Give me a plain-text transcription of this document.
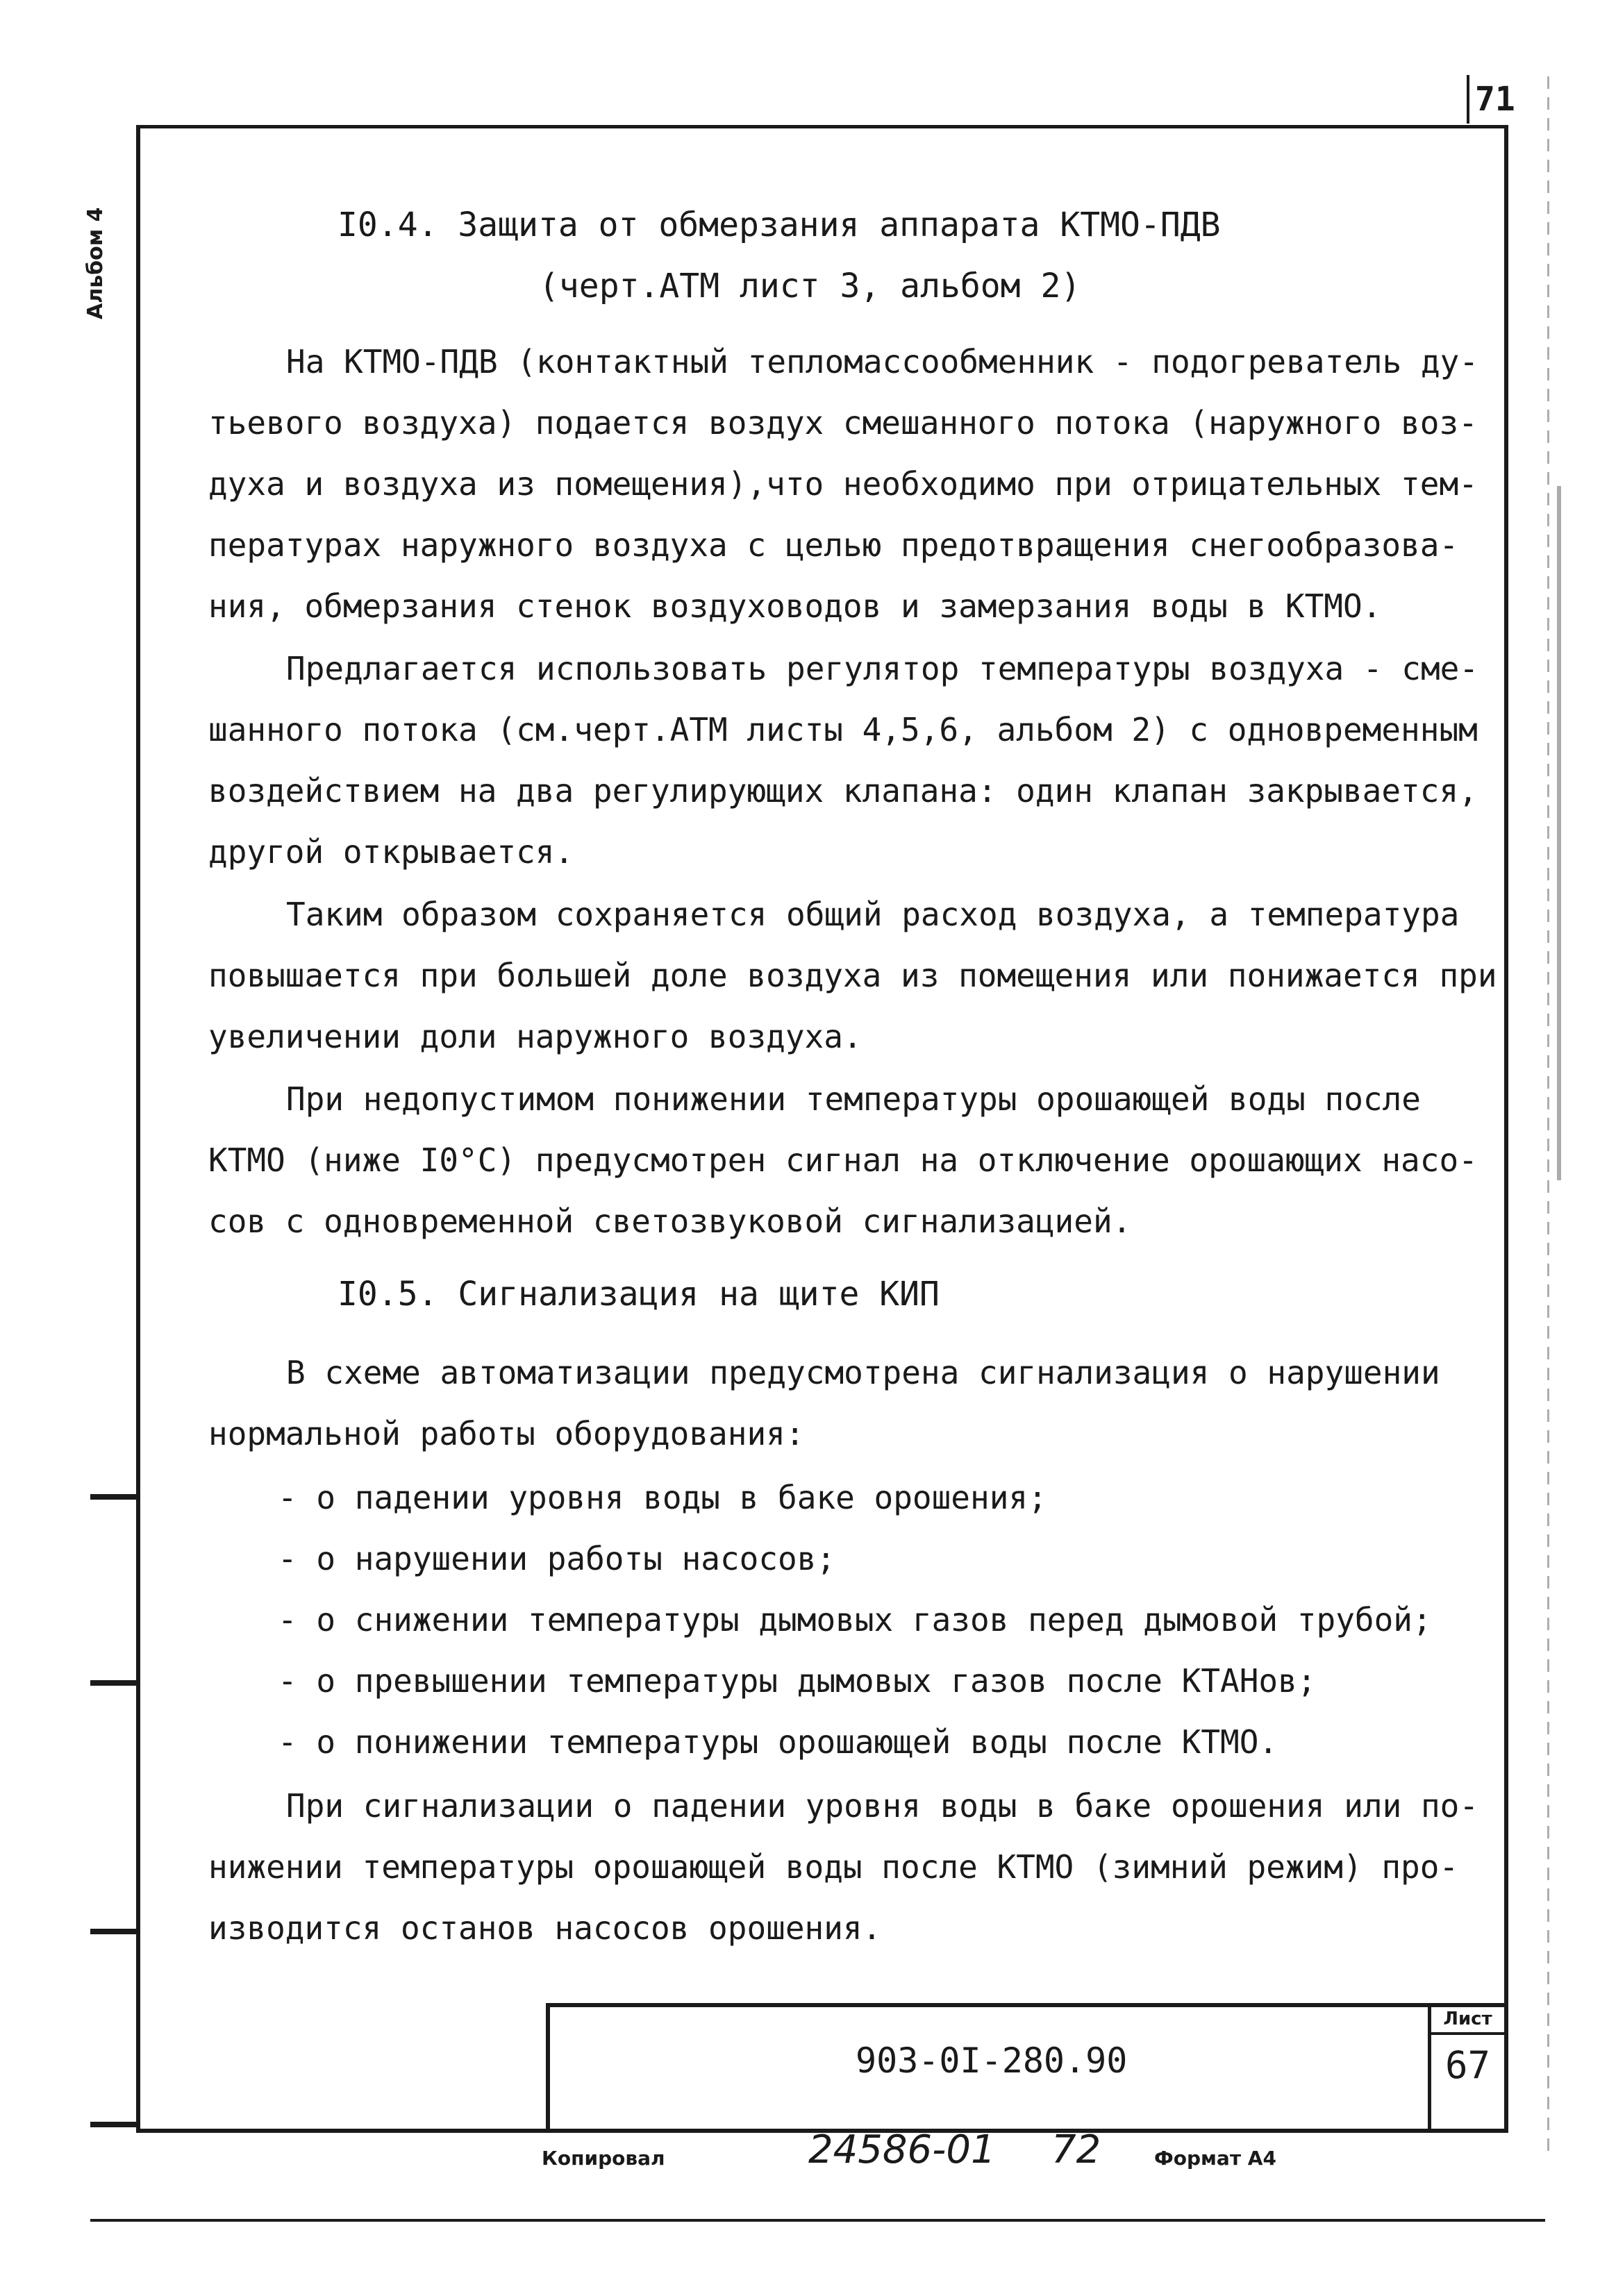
71
Альбом 4	I0.4. Защита от обмерзания аппарата КТМО-ПДВ
(черт.АТМ лист 3, альбом 2)
На КТМО-ПДВ (контактный тепломассообменник - подогреватель ду-
тьевого воздуха) подается воздух смешанного потока (наружного воз-
духа и воздуха из помещения),что необходимо при отрицательных тем-
пературах наружного воздуха с целью предотвращения снегообразова-
ния, обмерзания стенок воздуховодов и замерзания воды в КТМО.
Предлагается использовать регулятор температуры воздуха - сме-
шанного потока (см.черт.АТМ листы 4,5,6, альбом 2) с одновременным
воздействием на два регулирующих клапана: один клапан закрывается,
другой открывается.
Таким образом сохраняется общий расход воздуха, а температура
повышается при большей доле воздуха из помещения или понижается при
увеличении доли наружного воздуха.
При недопустимом понижении температуры орошающей воды после
КТМО (ниже I0°С) предусмотрен сигнал на отключение орошающих насо-
сов с одновременной светозвуковой сигнализацией.
I0.5. Сигнализация на щите КИП
В схеме автоматизации предусмотрена сигнализация о нарушении
нормальной работы оборудования:
- о падении уровня воды в баке орошения;
- о нарушении работы насосов;
- о снижении температуры дымовых газов перед дымовой трубой;
- о превышении температуры дымовых газов после КТАНов;
- о понижении температуры орошающей воды после КТМО.
При сигнализации о падении уровня воды в баке орошения или по-
нижении температуры орошающей воды после КТМО (зимний режим) про-
изводится останов насосов орошения.
903-0I-280.90
Лист
67
Копировал	24586-01 72	Формат А4
